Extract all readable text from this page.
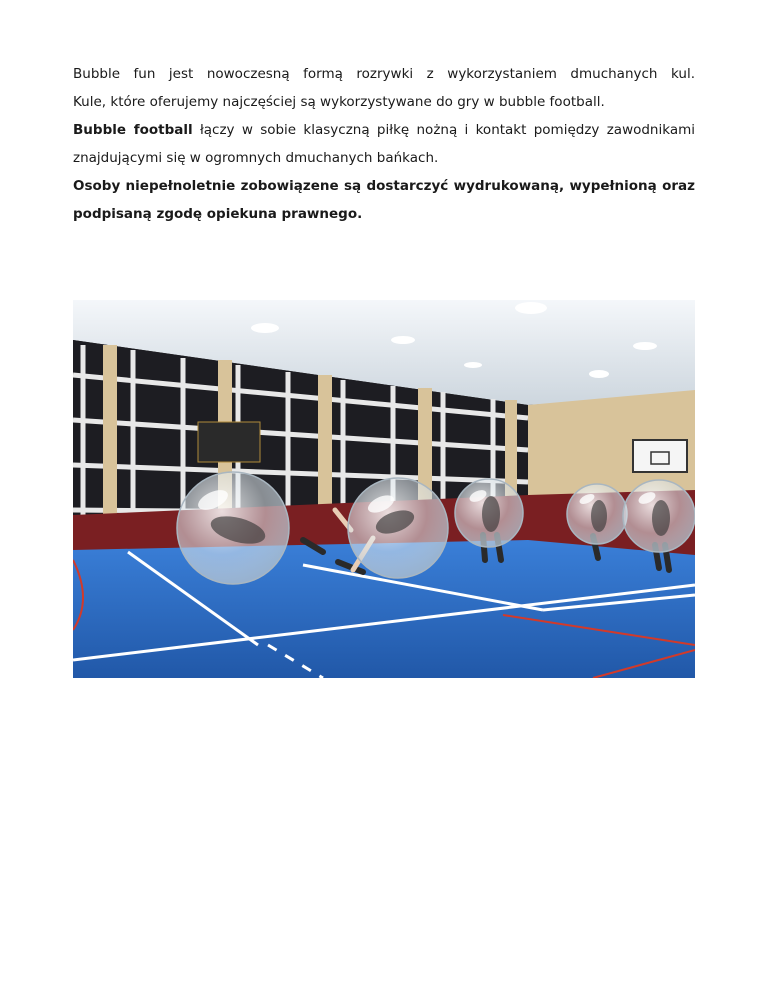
Bubble fun jest nowoczesną formą rozrywki z wykorzystaniem dmuchanych kul.

Kule, które oferujemy najczęściej są wykorzystywane do gry w bubble football.

Bubble football łączy w sobie klasyczną piłkę nożną i kontakt pomiędzy zawodnikami

znajdującymi się w ogromnych dmuchanych bańkach.

Osoby niepełnoletnie zobowiązene są dostarczyć wydrukowaną, wypełnioną oraz

podpisaną zgodę opiekuna prawnego.
